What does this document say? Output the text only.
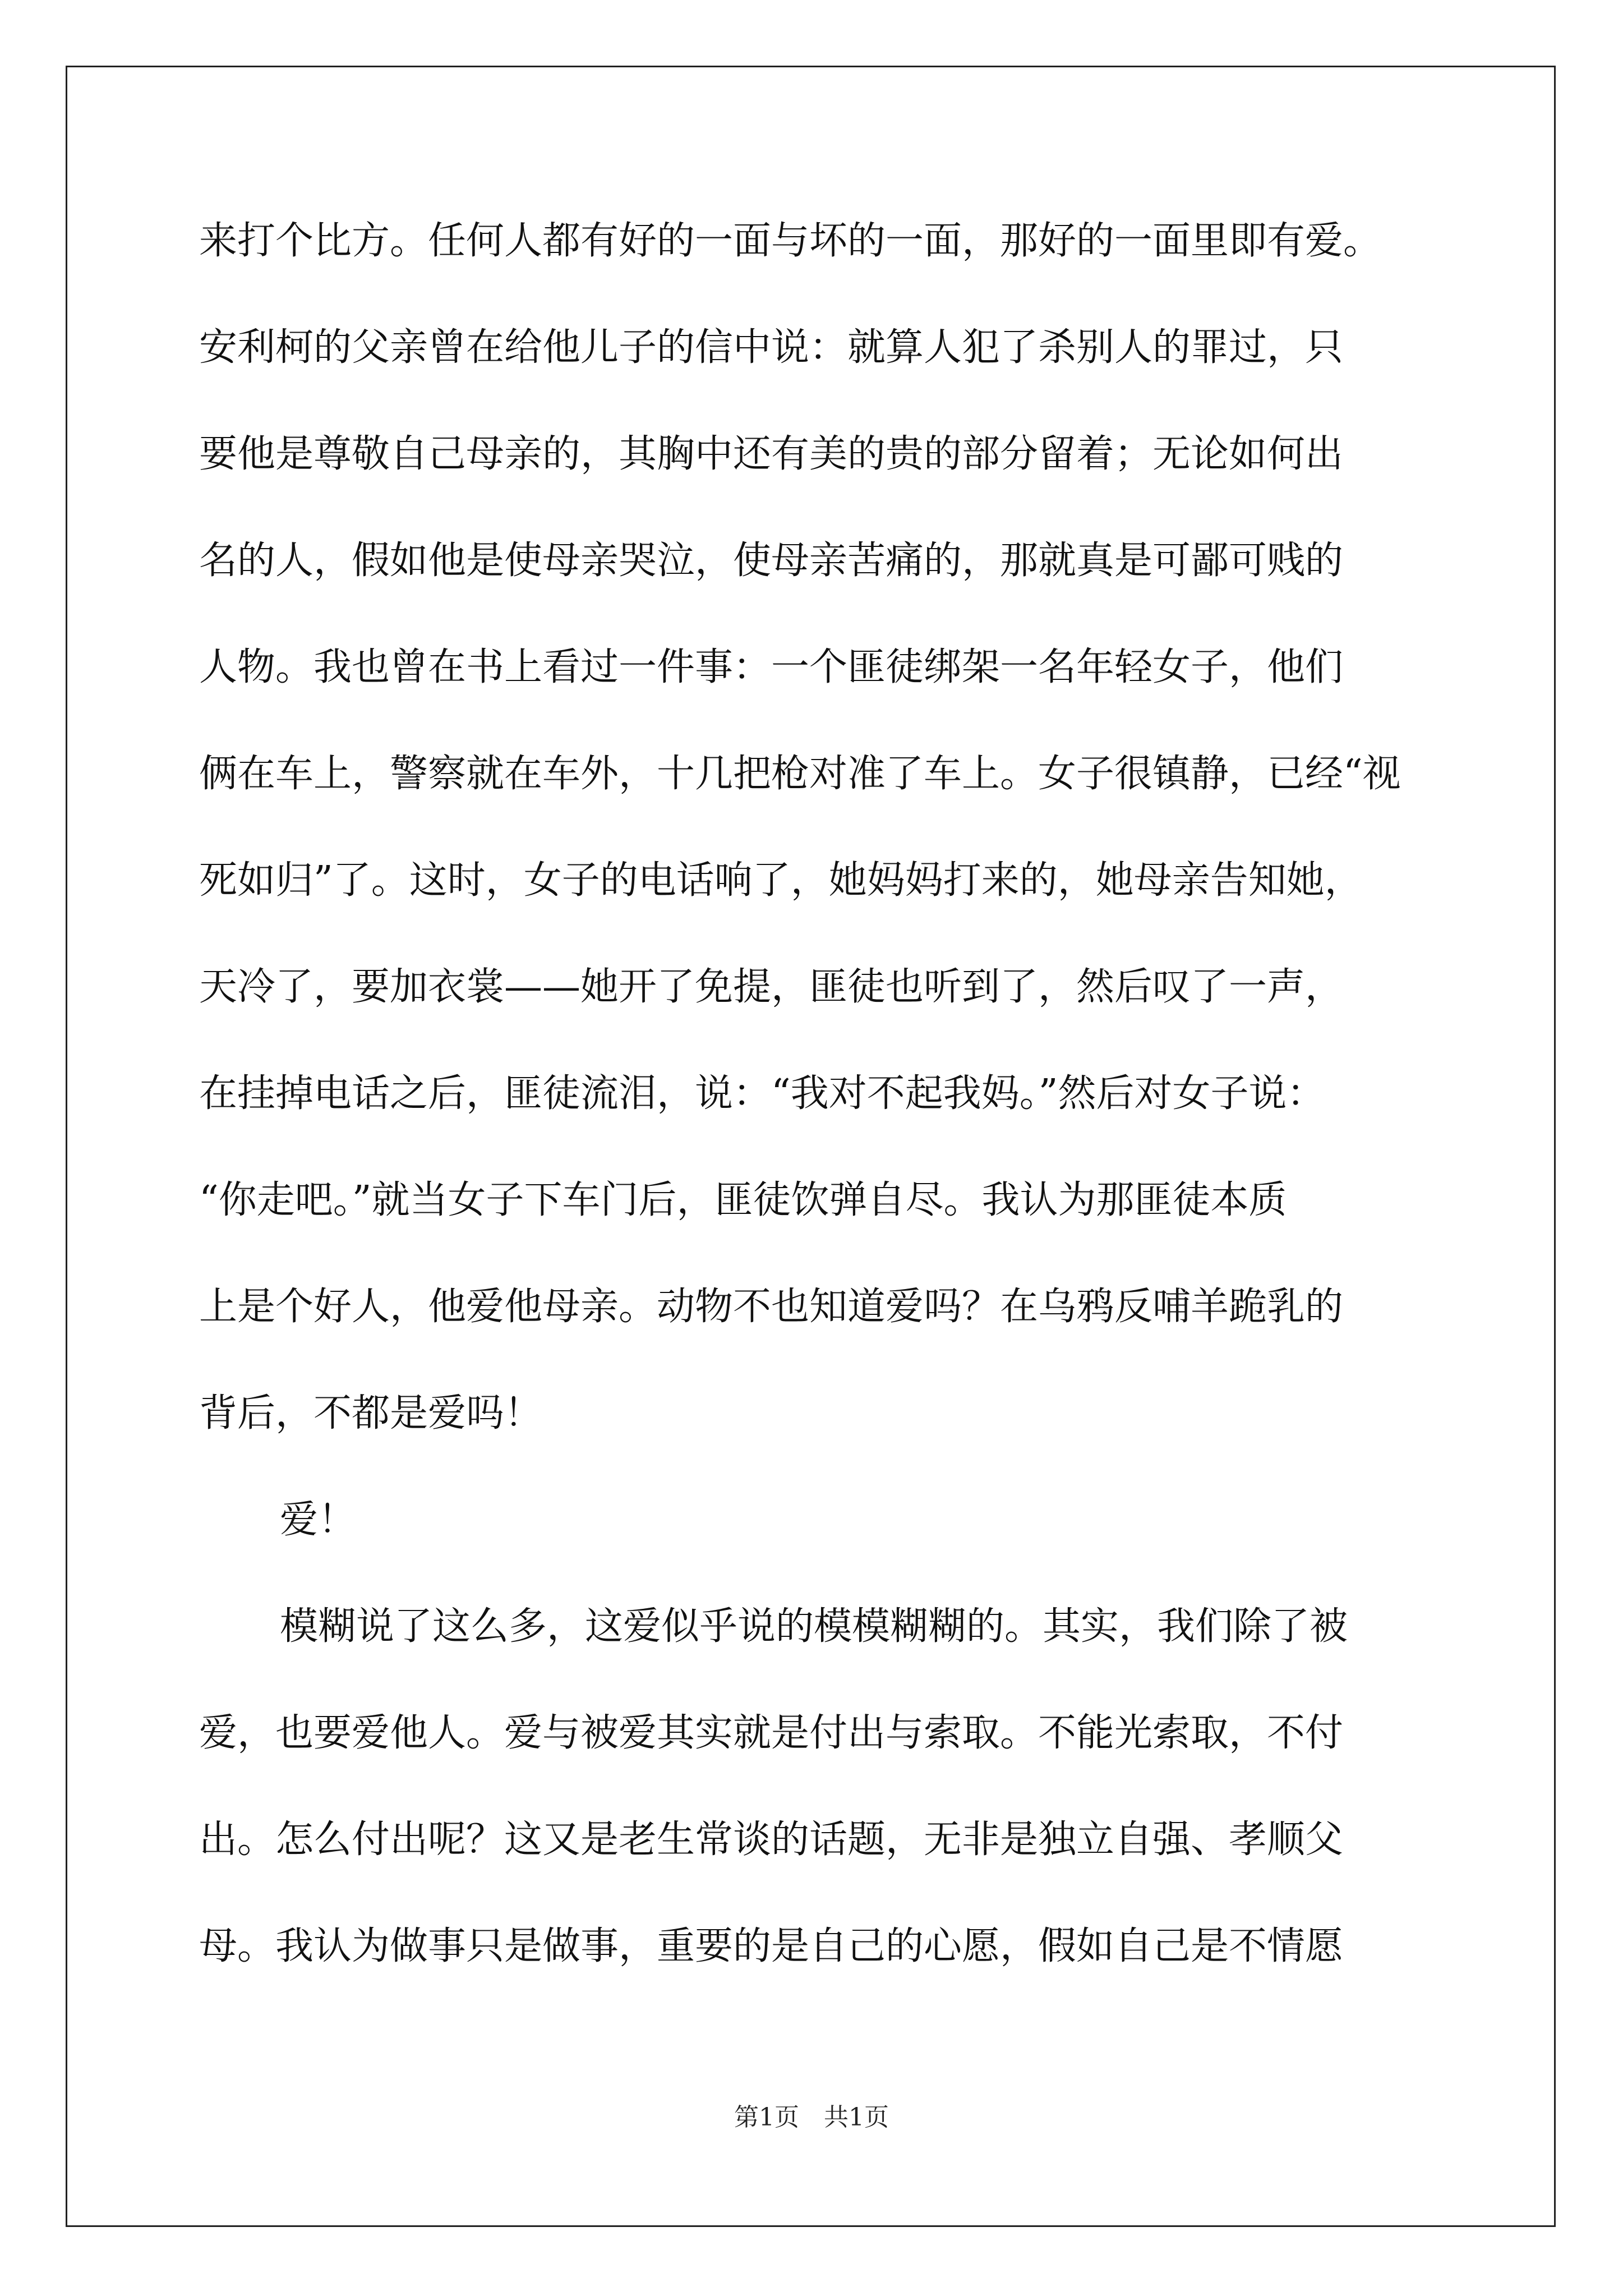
来打个比方。任何人都有好的一面与坏的一面，那好的一面里即有爱。
安利柯的父亲曾在给他儿子的信中说：就算人犯了杀别人的罪过，只
要他是尊敬自己母亲的，其胸中还有美的贵的部分留着；无论如何出
名的人，假如他是使母亲哭泣，使母亲苦痛的，那就真是可鄙可贱的
人物。我也曾在书上看过一件事：一个匪徒绑架一名年轻女子，他们
俩在车上，警察就在车外，十几把枪对准了车上。女子很镇静，已经“视
死如归”了。这时，女子的电话响了，她妈妈打来的，她母亲告知她，
天冷了，要加衣裳——她开了免提，匪徒也听到了，然后叹了一声，
在挂掉电话之后，匪徒流泪，说：“我对不起我妈。”然后对女子说：
“你走吧。”就当女子下车门后，匪徒饮弹自尽。我认为那匪徒本质
上是个好人，他爱他母亲。动物不也知道爱吗？在乌鸦反哺羊跪乳的
背后，不都是爱吗！
爱！
模糊说了这么多，这爱似乎说的模模糊糊的。其实，我们除了被
爱，也要爱他人。爱与被爱其实就是付出与索取。不能光索取，不付
出。怎么付出呢？这又是老生常谈的话题，无非是独立自强、孝顺父
母。我认为做事只是做事，重要的是自己的心愿，假如自己是不情愿
第1页　共1页
